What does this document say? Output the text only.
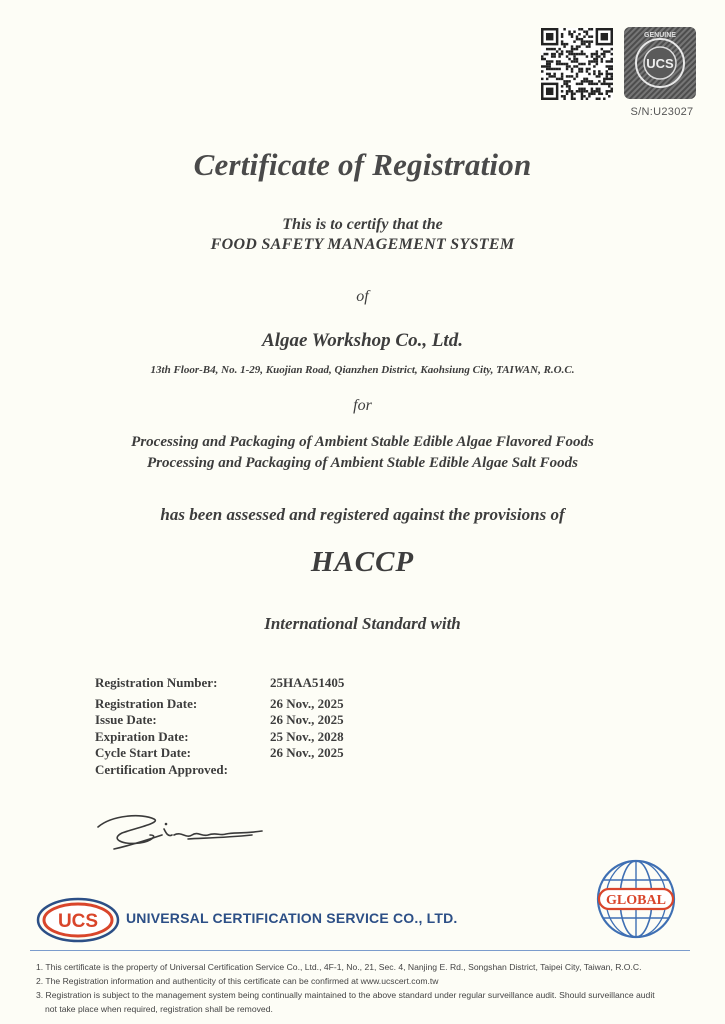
UCS
GENUINE
S/N:U23027
Certificate of Registration
This is to certify that the
FOOD SAFETY MANAGEMENT SYSTEM
of
Algae Workshop Co., Ltd.
13th Floor-B4, No. 1-29, Kuojian Road, Qianzhen District, Kaohsiung City, TAIWAN, R.O.C.
for
Processing and Packaging of Ambient Stable Edible Algae Flavored Foods
Processing and Packaging of Ambient Stable Edible Algae Salt Foods
has been assessed and registered against the provisions of
HACCP
International Standard with
Registration Number:	25HAA51405
Registration Date:	26 Nov., 2025
Issue Date:	26 Nov., 2025
Expiration Date:	25 Nov., 2028
Cycle Start Date:	26 Nov., 2025
Certification Approved:
UCS UNIVERSAL CERTIFICATION SERVICE CO., LTD.
GLOBAL
1. This certificate is the property of Universal Certification Service Co., Ltd., 4F-1, No., 21, Sec. 4, Nanjing E. Rd., Songshan District, Taipei City, Taiwan, R.O.C.
2. The Registration information and authenticity of this certificate can be confirmed at www.ucscert.com.tw
3. Registration is subject to the management system being continually maintained to the above standard under regular surveillance audit. Should surveillance audit
not take place when required, registration shall be removed.
